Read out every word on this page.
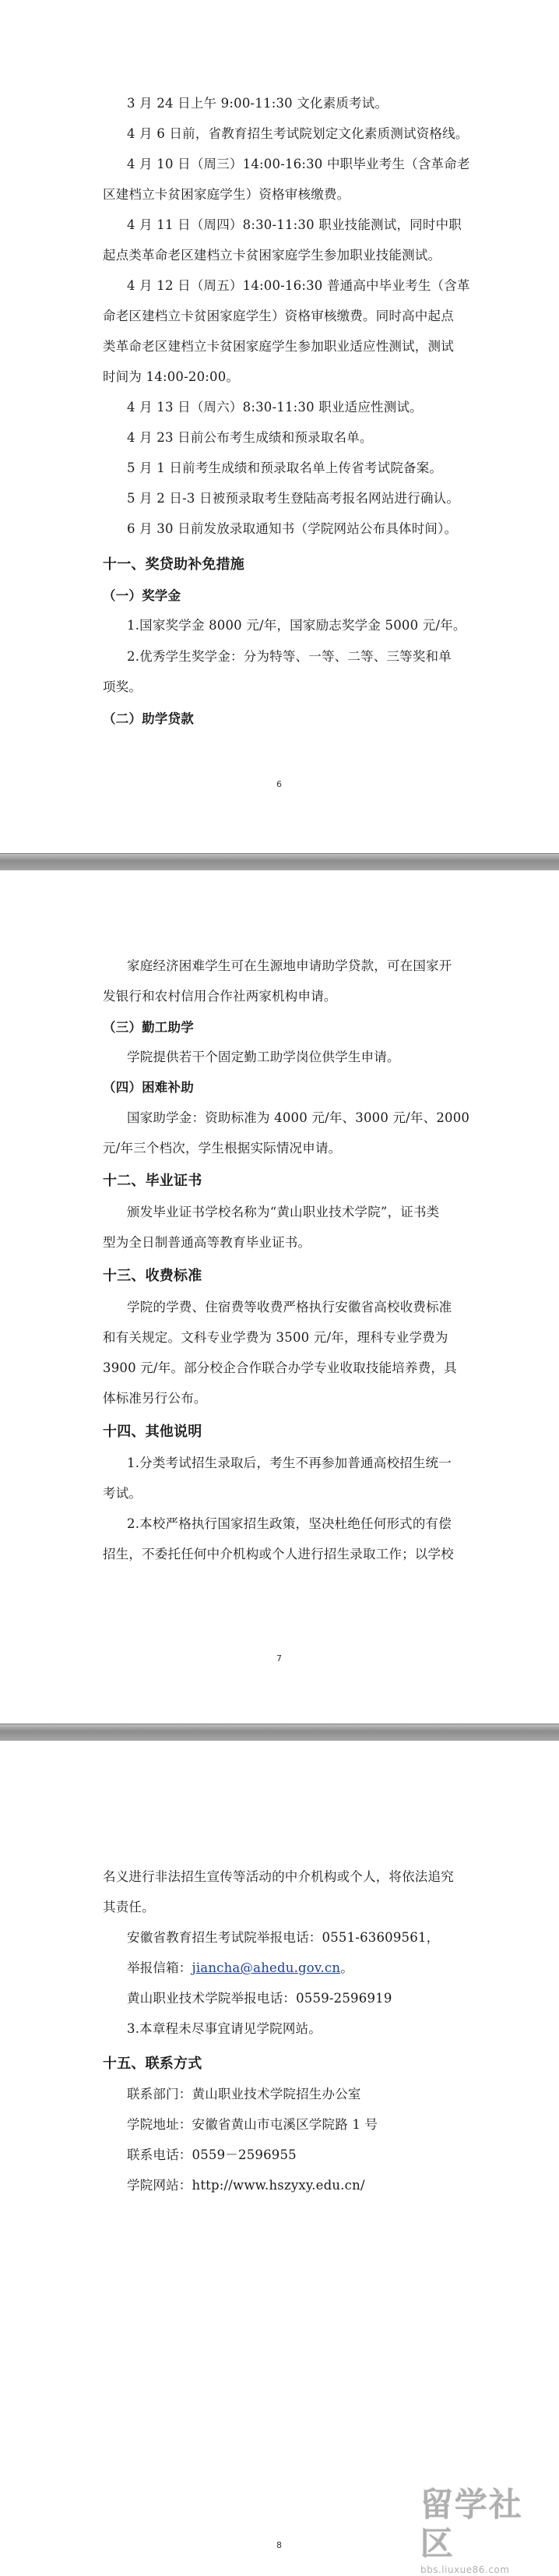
3 月 24 日上午 9:00-11:30 文化素质考试。
4 月 6 日前，省教育招生考试院划定文化素质测试资格线。
4 月 10 日（周三）14:00-16:30 中职毕业考生（含革命老
区建档立卡贫困家庭学生）资格审核缴费。
4 月 11 日（周四）8:30-11:30 职业技能测试，同时中职
起点类革命老区建档立卡贫困家庭学生参加职业技能测试。
4 月 12 日（周五）14:00-16:30 普通高中毕业考生（含革
命老区建档立卡贫困家庭学生）资格审核缴费。同时高中起点
类革命老区建档立卡贫困家庭学生参加职业适应性测试，测试
时间为 14:00-20:00。
4 月 13 日（周六）8:30-11:30 职业适应性测试。
4 月 23 日前公布考生成绩和预录取名单。
5 月 1 日前考生成绩和预录取名单上传省考试院备案。
5 月 2 日-3 日被预录取考生登陆高考报名网站进行确认。
6 月 30 日前发放录取通知书（学院网站公布具体时间）。
十一、奖贷助补免措施
（一）奖学金
1.国家奖学金 8000 元/年，国家励志奖学金 5000 元/年。
2.优秀学生奖学金：分为特等、一等、二等、三等奖和单
项奖。
（二）助学贷款
6
家庭经济困难学生可在生源地申请助学贷款，可在国家开
发银行和农村信用合作社两家机构申请。
（三）勤工助学
学院提供若干个固定勤工助学岗位供学生申请。
（四）困难补助
国家助学金：资助标准为 4000 元/年、3000 元/年、2000
元/年三个档次，学生根据实际情况申请。
十二、毕业证书
颁发毕业证书学校名称为“黄山职业技术学院”，证书类
型为全日制普通高等教育毕业证书。
十三、收费标准
学院的学费、住宿费等收费严格执行安徽省高校收费标准
和有关规定。文科专业学费为 3500 元/年，理科专业学费为
3900 元/年。部分校企合作联合办学专业收取技能培养费，具
体标准另行公布。
十四、其他说明
1.分类考试招生录取后，考生不再参加普通高校招生统一
考试。
2.本校严格执行国家招生政策，坚决杜绝任何形式的有偿
招生，不委托任何中介机构或个人进行招生录取工作；以学校
7
名义进行非法招生宣传等活动的中介机构或个人，将依法追究
其责任。
安徽省教育招生考试院举报电话：0551-63609561，
举报信箱：jiancha@ahedu.gov.cn。
黄山职业技术学院举报电话：0559-2596919
3.本章程未尽事宜请见学院网站。
十五、联系方式
联系部门：黄山职业技术学院招生办公室
学院地址：安徽省黄山市屯溪区学院路 1 号
联系电话：0559－2596955
学院网站：http://www.hszyxy.edu.cn/
8
留学社区
bbs.liuxue86.com
